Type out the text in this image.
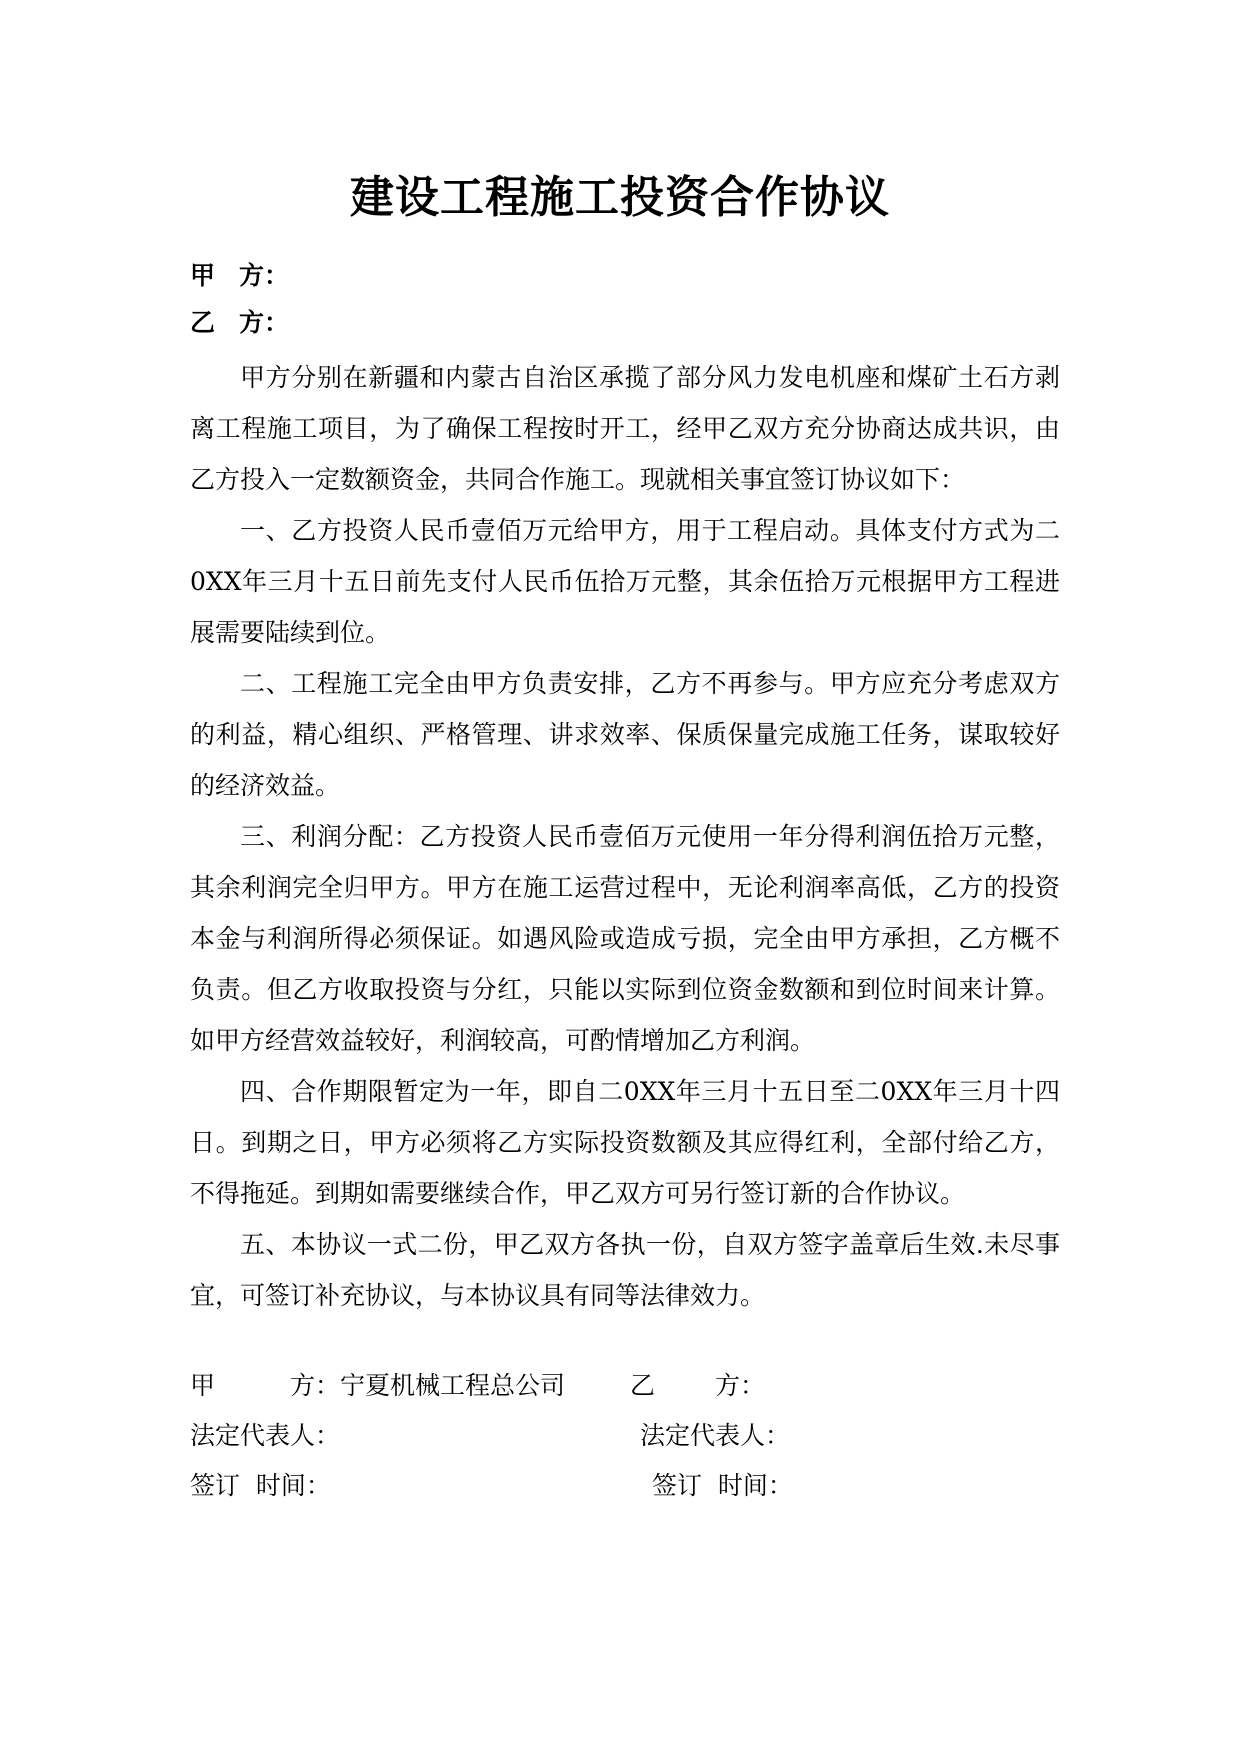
建设工程施工投资合作协议
甲 方：
乙 方：

甲方分别在新疆和内蒙古自治区承揽了部分风力发电机座和煤矿土石方剥离工程施工项目，为了确保工程按时开工，经甲乙双方充分协商达成共识，由乙方投入一定数额资金，共同合作施工。现就相关事宜签订协议如下：

一、乙方投资人民币壹佰万元给甲方，用于工程启动。具体支付方式为二0XX年三月十五日前先支付人民币伍拾万元整，其余伍拾万元根据甲方工程进展需要陆续到位。

二、工程施工完全由甲方负责安排，乙方不再参与。甲方应充分考虑双方的利益，精心组织、严格管理、讲求效率、保质保量完成施工任务，谋取较好的经济效益。

三、利润分配：乙方投资人民币壹佰万元使用一年分得利润伍拾万元整，其余利润完全归甲方。甲方在施工运营过程中，无论利润率高低，乙方的投资本金与利润所得必须保证。如遇风险或造成亏损，完全由甲方承担，乙方概不负责。但乙方收取投资与分红，只能以实际到位资金数额和到位时间来计算。如甲方经营效益较好，利润较高，可酌情增加乙方利润。

四、合作期限暂定为一年，即自二0XX年三月十五日至二0XX年三月十四日。到期之日，甲方必须将乙方实际投资数额及其应得红利，全部付给乙方，不得拖延。到期如需要继续合作，甲乙双方可另行签订新的合作协议。

五、本协议一式二份，甲乙双方各执一份，自双方签字盖章后生效.未尽事宜，可签订补充协议，与本协议具有同等法律效力。

甲	方：宁夏机械工程总公司	乙 方：
法定代表人：	法定代表人：
签订  时间：	签订  时间：
